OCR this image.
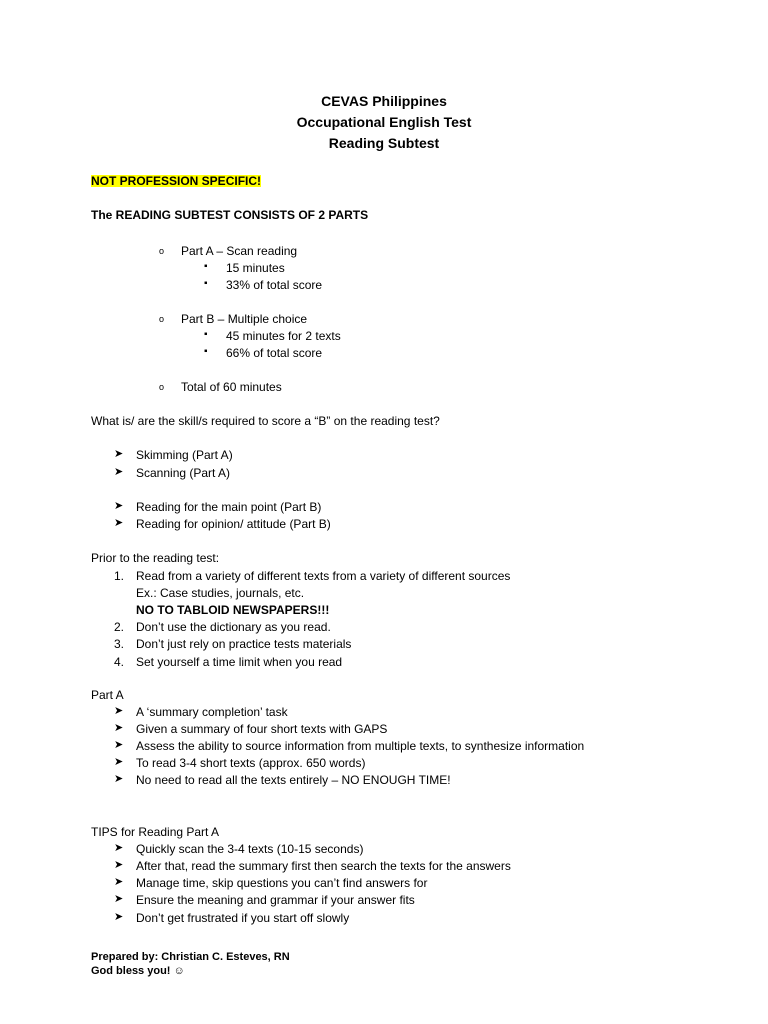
CEVAS Philippines
Occupational English Test
Reading Subtest
NOT PROFESSION SPECIFIC!
The READING SUBTEST CONSISTS OF 2 PARTS
o Part A – Scan reading
▪ 15 minutes
▪ 33% of total score
o Part B – Multiple choice
▪ 45 minutes for 2 texts
▪ 66% of total score
o Total of 60 minutes
What is/ are the skill/s required to score a “B” on the reading test?
➤ Skimming (Part A)
➤ Scanning (Part A)
➤ Reading for the main point (Part B)
➤ Reading for opinion/ attitude (Part B)
Prior to the reading test:
1. Read from a variety of different texts from a variety of different sources
Ex.: Case studies, journals, etc.
NO TO TABLOID NEWSPAPERS!!!
2. Don’t use the dictionary as you read.
3. Don’t just rely on practice tests materials
4. Set yourself a time limit when you read
Part A
➤ A ‘summary completion’ task
➤ Given a summary of four short texts with GAPS
➤ Assess the ability to source information from multiple texts, to synthesize information
➤ To read 3-4 short texts (approx. 650 words)
➤ No need to read all the texts entirely – NO ENOUGH TIME!
TIPS for Reading Part A
➤ Quickly scan the 3-4 texts (10-15 seconds)
➤ After that, read the summary first then search the texts for the answers
➤ Manage time, skip questions you can’t find answers for
➤ Ensure the meaning and grammar if your answer fits
➤ Don’t get frustrated if you start off slowly
Prepared by: Christian C. Esteves, RN
God bless you! ☺
